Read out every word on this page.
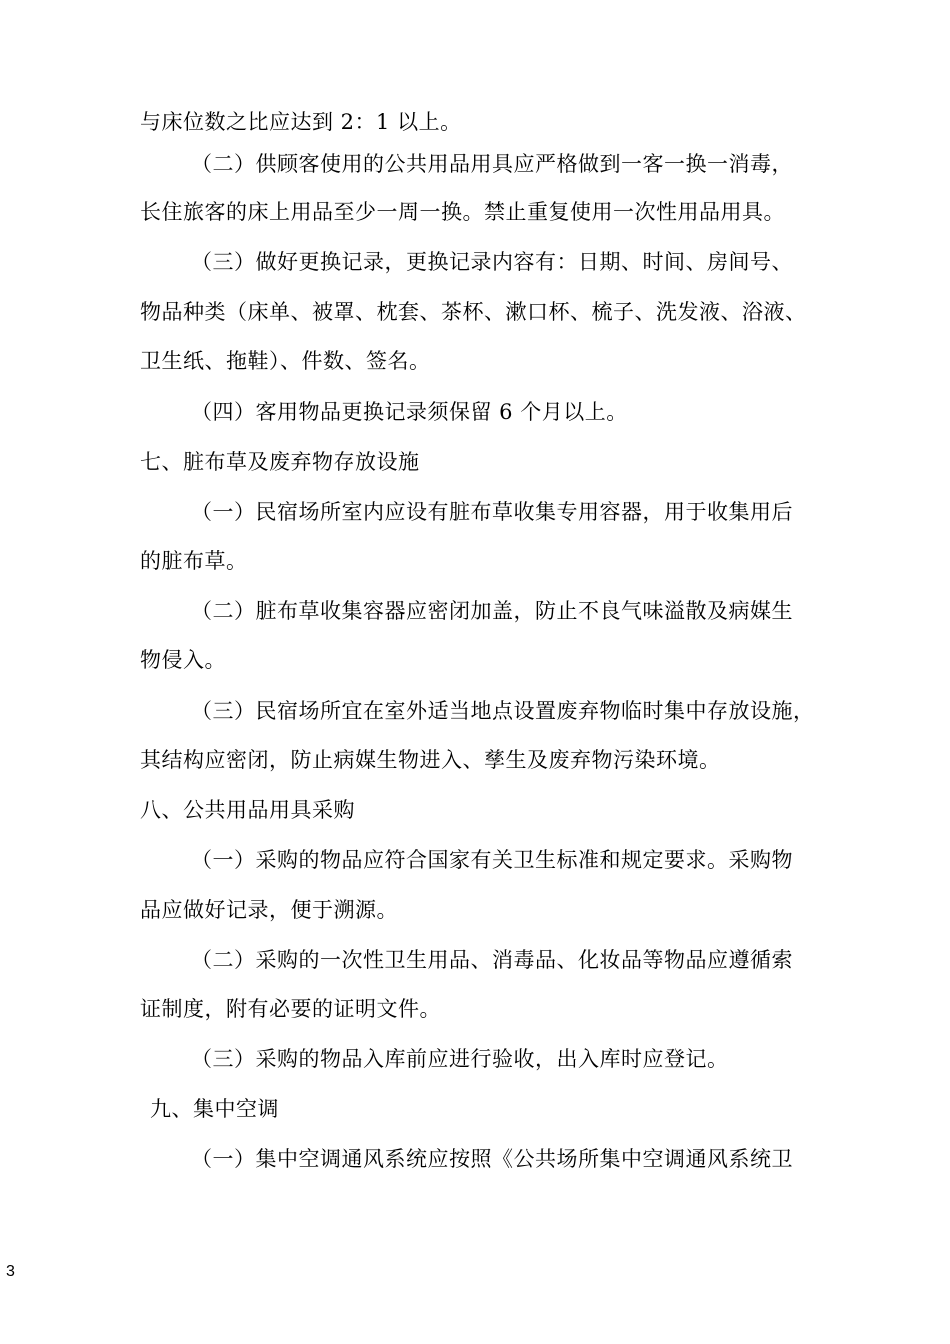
与床位数之比应达到 2：1 以上。
（二）供顾客使用的公共用品用具应严格做到一客一换一消毒，
长住旅客的床上用品至少一周一换。禁止重复使用一次性用品用具。
（三）做好更换记录，更换记录内容有：日期、时间、房间号、
物品种类（床单、被罩、枕套、茶杯、漱口杯、梳子、洗发液、浴液、
卫生纸、拖鞋）、件数、签名。
（四）客用物品更换记录须保留 6 个月以上。
七、脏布草及废弃物存放设施
（一）民宿场所室内应设有脏布草收集专用容器，用于收集用后
的脏布草。
（二）脏布草收集容器应密闭加盖，防止不良气味溢散及病媒生
物侵入。
（三）民宿场所宜在室外适当地点设置废弃物临时集中存放设施，
其结构应密闭，防止病媒生物进入、孳生及废弃物污染环境。
八、公共用品用具采购
（一）采购的物品应符合国家有关卫生标准和规定要求。采购物
品应做好记录，便于溯源。
（二）采购的一次性卫生用品、消毒品、化妆品等物品应遵循索
证制度，附有必要的证明文件。
（三）采购的物品入库前应进行验收，出入库时应登记。
九、集中空调
（一）集中空调通风系统应按照《公共场所集中空调通风系统卫
3
